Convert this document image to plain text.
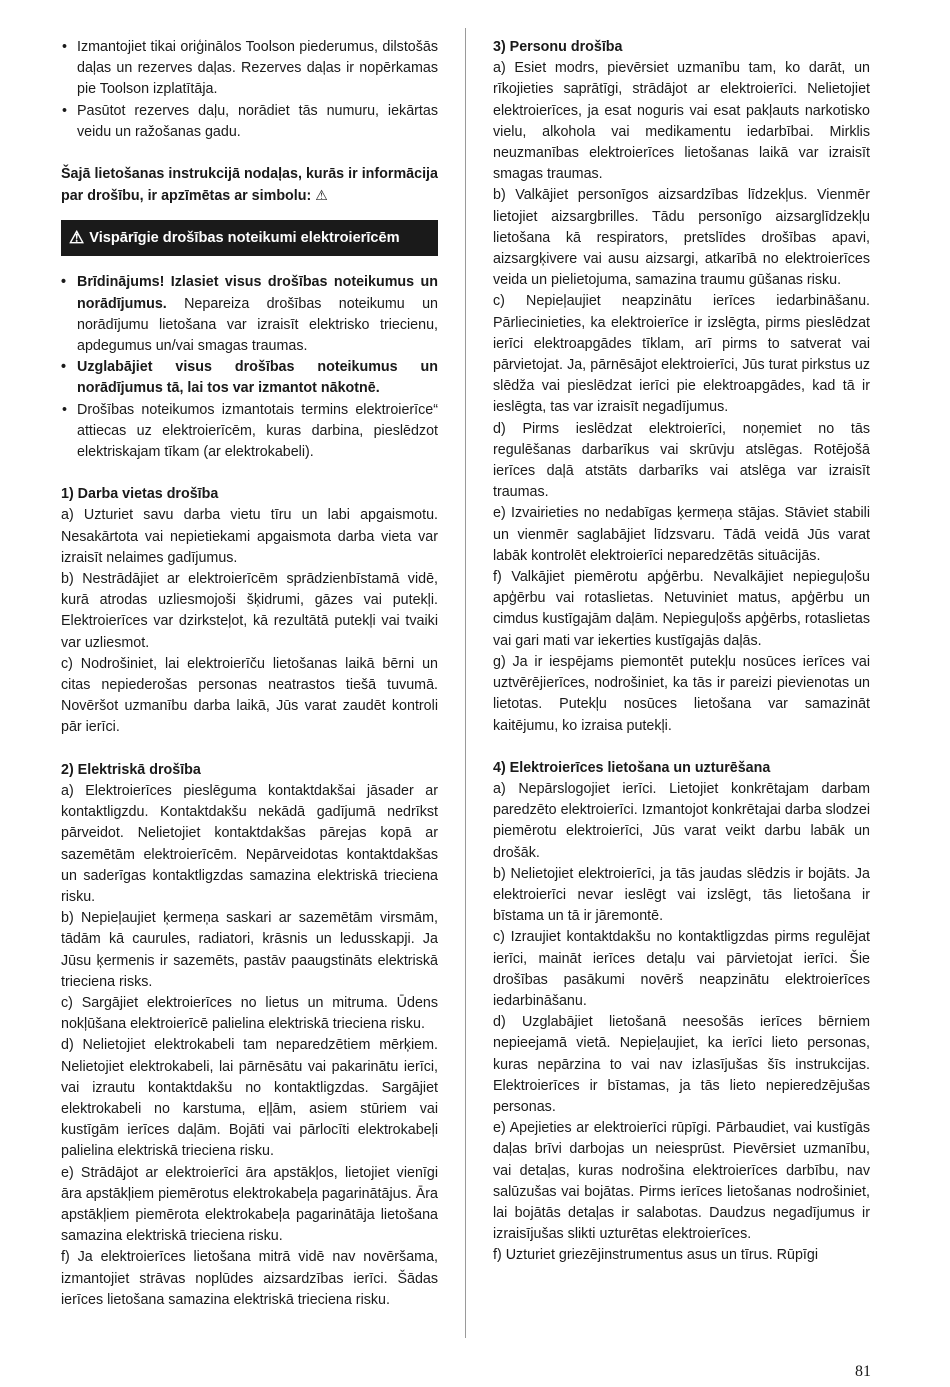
• Izmantojiet tikai oriģinālos Toolson piederumus, dilstošās daļas un rezerves daļas. Rezerves daļas ir nopērkamas pie Toolson izplatītāja.
• Pasūtot rezerves daļu, norādiet tās numuru, iekārtas veidu un ražošanas gadu.

Šajā lietošanas instrukcijā nodaļas, kurās ir informācija par drošību, ir apzīmētas ar simbolu: ⚠

⚠ Vispārīgie drošības noteikumi elektroierīcēm
• Brīdinājums! Izlasiet visus drošības noteikumus un norādījumus. Nepareiza drošības noteikumu un norādījumu lietošana var izraisīt elektrisko triecienu, apdegumus un/vai smagas traumas.
• Uzglabājiet visus drošības noteikumus un norādījumus tā, lai tos var izmantot nākotnē.
• Drošības noteikumos izmantotais termins elektroierīce“ attiecas uz elektroierīcēm, kuras darbina, pieslēdzot elektriskajam tīkam (ar elektrokabeli).

1) Darba vietas drošība

a) Uzturiet savu darba vietu tīru un labi apgaismotu. Nesakārtota vai nepietiekami apgaismota darba vieta var izraisīt nelaimes gadījumus.

b) Nestrādājiet ar elektroierīcēm sprādzienbīstamā vidē, kurā atrodas uzliesmojoši šķidrumi, gāzes vai putekļi. Elektroierīces var dzirksteļot, kā rezultātā putekļi vai tvaiki var uzliesmot.

c) Nodrošiniet, lai elektroierīču lietošanas laikā bērni un citas nepiederošas personas neatrastos tiešā tuvumā. Novēršot uzmanību darba laikā, Jūs varat zaudēt kontroli pār ierīci.

2) Elektriskā drošība

a) Elektroierīces pieslēguma kontaktdakšai jāsader ar kontaktligzdu. Kontaktdakšu nekādā gadījumā nedrīkst pārveidot. Nelietojiet kontaktdakšas pārejas kopā ar sazemētām elektroierīcēm. Nepārveidotas kontaktdakšas un saderīgas kontaktligzdas samazina elektriskā trieciena risku.

b) Nepieļaujiet ķermeņa saskari ar sazemētām virsmām, tādām kā caurules, radiatori, krāsnis un ledusskapji. Ja Jūsu ķermenis ir sazemēts, pastāv paaugstināts elektriskā trieciena risks.

c) Sargājiet elektroierīces no lietus un mitruma. Ūdens nokļūšana elektroierīcē palielina elektriskā trieciena risku.

d) Nelietojiet elektrokabeli tam neparedzētiem mērķiem. Nelietojiet elektrokabeli, lai pārnēsātu vai pakarinātu ierīci, vai izrautu kontaktdakšu no kontaktligzdas. Sargājiet elektrokabeli no karstuma, eļļām, asiem stūriem vai kustīgām ierīces daļām. Bojāti vai pārlocīti elektrokabeļi palielina elektriskā trieciena risku.

e) Strādājot ar elektroierīci āra apstākļos, lietojiet vienīgi āra apstākļiem piemērotus elektrokabeļa pagarinātājus. Āra apstākļiem piemērota elektrokabeļa pagarinātāja lietošana samazina elektriskā trieciena risku.

f) Ja elektroierīces lietošana mitrā vidē nav novēršama, izmantojiet strāvas noplūdes aizsardzības ierīci. Šādas ierīces lietošana samazina elektriskā trieciena risku.

3) Personu drošība

a) Esiet modrs, pievērsiet uzmanību tam, ko darāt, un rīkojieties saprātīgi, strādājot ar elektroierīci. Nelietojiet elektroierīces, ja esat noguris vai esat pakļauts narkotisko vielu, alkohola vai medikamentu iedarbībai. Mirklis neuzmanības elektroierīces lietošanas laikā var izraisīt smagas traumas.

b) Valkājiet personīgos aizsardzības līdzekļus. Vienmēr lietojiet aizsargbrilles. Tādu personīgo aizsarglīdzekļu lietošana kā respirators, pretslīdes drošības apavi, aizsargķivere vai ausu aizsargi, atkarībā no elektroierīces veida un pielietojuma, samazina traumu gūšanas risku.

c) Nepieļaujiet neapzinātu ierīces iedarbināšanu. Pārliecinieties, ka elektroierīce ir izslēgta, pirms pieslēdzat ierīci elektroapgādes tīklam, arī pirms to satverat vai pārvietojat. Ja, pārnēsājot elektroierīci, Jūs turat pirkstus uz slēdža vai pieslēdzat ierīci pie elektroapgādes, kad tā ir ieslēgta, tas var izraisīt negadījumus.

d) Pirms ieslēdzat elektroierīci, noņemiet no tās regulēšanas darbarīkus vai skrūvju atslēgas. Rotējošā ierīces daļā atstāts darbarīks vai atslēga var izraisīt traumas.

e) Izvairieties no nedabīgas ķermeņa stājas. Stāviet stabili un vienmēr saglabājiet līdzsvaru. Tādā veidā Jūs varat labāk kontrolēt elektroierīci neparedzētās situācijās.

f) Valkājiet piemērotu apģērbu. Nevalkājiet nepieguļošu apģērbu vai rotaslietas. Netuviniet matus, apģērbu un cimdus kustīgajām daļām. Nepieguļošs apģērbs, rotaslietas vai gari mati var iekerties kustīgajās daļās.

g) Ja ir iespējams piemontēt putekļu nosūces ierīces vai uztvērējierīces, nodrošiniet, ka tās ir pareizi pievienotas un lietotas. Putekļu nosūces lietošana var samazināt kaitējumu, ko izraisa putekļi.

4) Elektroierīces lietošana un uzturēšana

a) Nepārslogojiet ierīci. Lietojiet konkrētajam darbam paredzēto elektroierīci. Izmantojot konkrētajai darba slodzei piemērotu elektroierīci, Jūs varat veikt darbu labāk un drošāk.

b) Nelietojiet elektroierīci, ja tās jaudas slēdzis ir bojāts. Ja elektroierīci nevar ieslēgt vai izslēgt, tās lietošana ir bīstama un tā ir jāremontē.

c) Izraujiet kontaktdakšu no kontaktligzdas pirms regulējat ierīci, maināt ierīces detaļu vai pārvietojat ierīci. Šie drošības pasākumi novērš neapzinātu elektroierīces iedarbināšanu.

d) Uzglabājiet lietošanā neesošās ierīces bērniem nepieejamā vietā. Nepieļaujiet, ka ierīci lieto personas, kuras nepārzina to vai nav izlasījušas šīs instrukcijas. Elektroierīces ir bīstamas, ja tās lieto nepieredzējušas personas.

e) Apejieties ar elektroierīci rūpīgi. Pārbaudiet, vai kustīgās daļas brīvi darbojas un neiesprūst. Pievērsiet uzmanību, vai detaļas, kuras nodrošina elektroierīces darbību, nav salūzušas vai bojātas. Pirms ierīces lietošanas nodrošiniet, lai bojātās detaļas ir salabotas. Daudzus negadījumus ir izraisījušas slikti uzturētas elektroierīces.

f) Uzturiet griezējinstrumentus asus un tīrus. Rūpīgi

81
